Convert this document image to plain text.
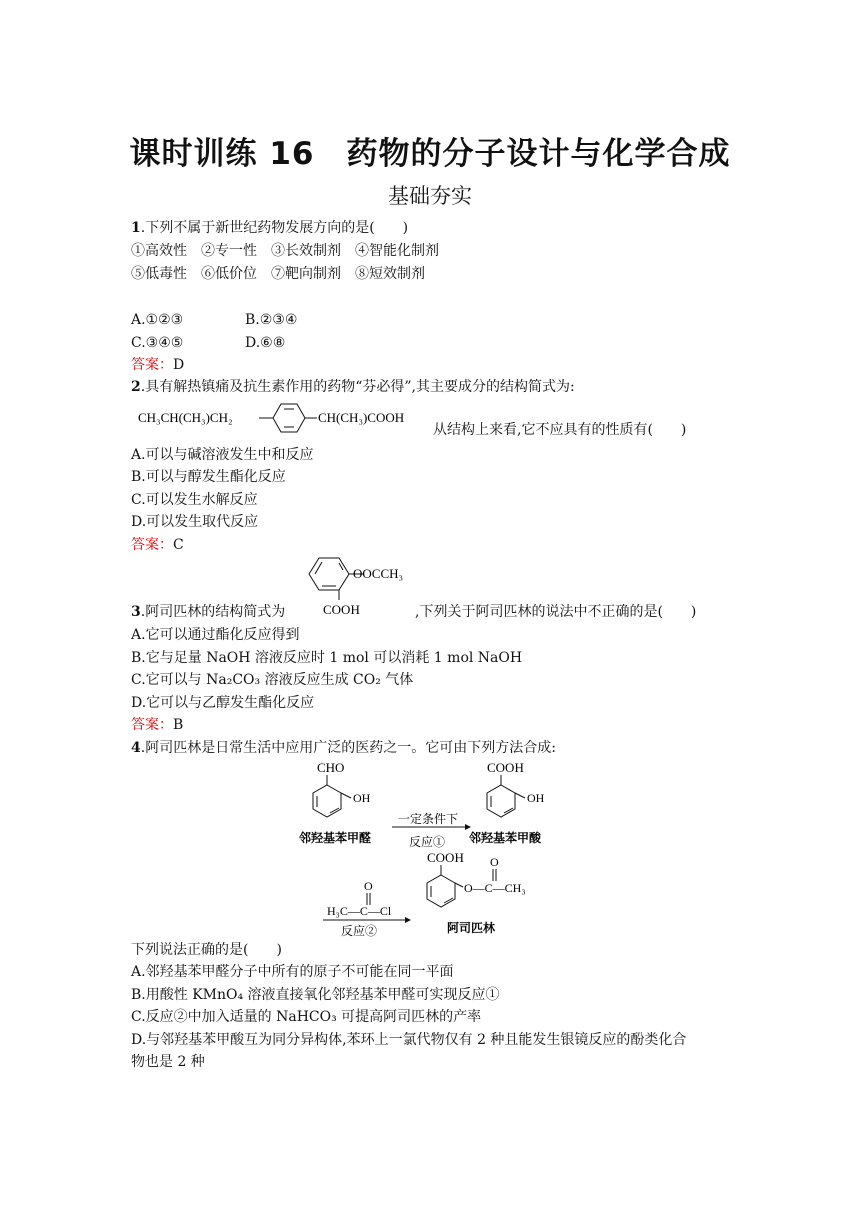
课时训练 16　药物的分子设计与化学合成
基础夯实
1.下列不属于新世纪药物发展方向的是(　　)
①高效性　②专一性　③长效制剂　④智能化制剂
⑤低毒性　⑥低价位　⑦靶向制剂　⑧短效制剂
A.①②③	B.②③④
C.③④⑤	D.⑥⑧
答案：D
2.具有解热镇痛及抗生素作用的药物“芬必得”,其主要成分的结构简式为:
CH₃CH(CH₃)CH₂	CH(CH₃)COOH
从结构上来看,它不应具有的性质有(　　)
A.可以与碱溶液发生中和反应
B.可以与醇发生酯化反应
C.可以发生水解反应
D.可以发生取代反应
答案：C
OOCCH₃
COOH
3.阿司匹林的结构简式为	,下列关于阿司匹林的说法中不正确的是(　　)
A.它可以通过酯化反应得到
B.它与足量 NaOH 溶液反应时 1 mol 可以消耗 1 mol NaOH
C.它可以与 Na₂CO₃ 溶液反应生成 CO₂ 气体
D.它可以与乙醇发生酯化反应
答案：B
4.阿司匹林是日常生活中应用广泛的医药之一。它可由下列方法合成:
CHO
OH
邻羟基苯甲醛
一定条件下
反应①
COOH
OH
邻羟基苯甲酸
O
H₃C—C—Cl
反应②
COOH O
O—C—CH₃
阿司匹林
下列说法正确的是(　　)
A.邻羟基苯甲醛分子中所有的原子不可能在同一平面
B.用酸性 KMnO₄ 溶液直接氧化邻羟基苯甲醛可实现反应①
C.反应②中加入适量的 NaHCO₃ 可提高阿司匹林的产率
D.与邻羟基苯甲酸互为同分异构体,苯环上一氯代物仅有 2 种且能发生银镜反应的酚类化合
物也是 2 种
